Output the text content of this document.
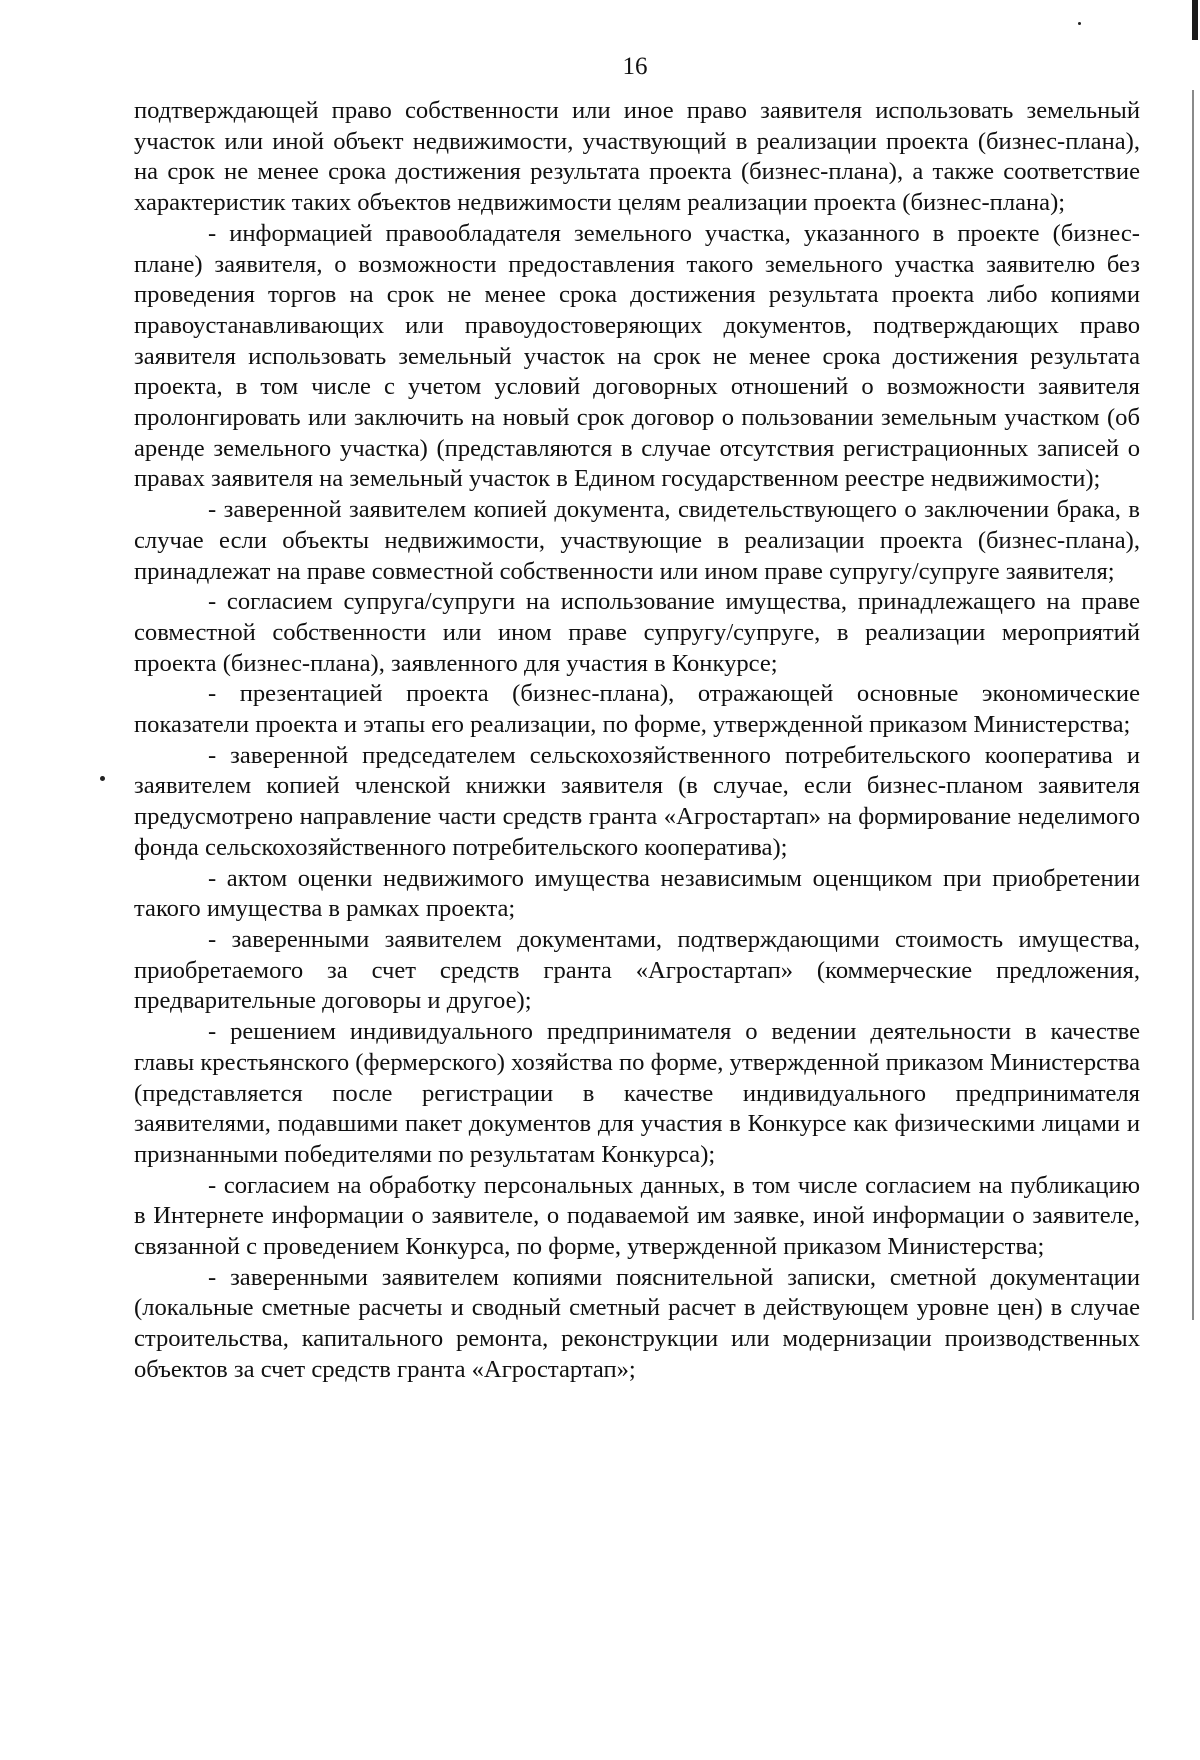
16

подтверждающей право собственности или иное право заявителя использовать земельный участок или иной объект недвижимости, участвующий в реализации проекта (бизнес-плана), на срок не менее срока достижения результата проекта (бизнес-плана), а также соответствие характеристик таких объектов недвижимости целям реализации проекта (бизнес-плана);

- информацией правообладателя земельного участка, указанного в проекте (бизнес-плане) заявителя, о возможности предоставления такого земельного участка заявителю без проведения торгов на срок не менее срока достижения результата проекта либо копиями правоустанавливающих или правоудостоверяющих документов, подтверждающих право заявителя использовать земельный участок на срок не менее срока достижения результата проекта, в том числе с учетом условий договорных отношений о возможности заявителя пролонгировать или заключить на новый срок договор о пользовании земельным участком (об аренде земельного участка) (представляются в случае отсутствия регистрационных записей о правах заявителя на земельный участок в Едином государственном реестре недвижимости);

- заверенной заявителем копией документа, свидетельствующего о заключении брака, в случае если объекты недвижимости, участвующие в реализации проекта (бизнес-плана), принадлежат на праве совместной собственности или ином праве супругу/супруге заявителя;

- согласием супруга/супруги на использование имущества, принадлежащего на праве совместной собственности или ином праве супругу/супруге, в реализации мероприятий проекта (бизнес-плана), заявленного для участия в Конкурсе;

- презентацией проекта (бизнес-плана), отражающей основные экономические показатели проекта и этапы его реализации, по форме, утвержденной приказом Министерства;

- заверенной председателем сельскохозяйственного потребительского кооператива и заявителем копией членской книжки заявителя (в случае, если бизнес-планом заявителя предусмотрено направление части средств гранта «Агростартап» на формирование неделимого фонда сельскохозяйственного потребительского кооператива);

- актом оценки недвижимого имущества независимым оценщиком при приобретении такого имущества в рамках проекта;

- заверенными заявителем документами, подтверждающими стоимость имущества, приобретаемого за счет средств гранта «Агростартап» (коммерческие предложения, предварительные договоры и другое);

- решением индивидуального предпринимателя о ведении деятельности в качестве главы крестьянского (фермерского) хозяйства по форме, утвержденной приказом Министерства (представляется после регистрации в качестве индивидуального предпринимателя заявителями, подавшими пакет документов для участия в Конкурсе как физическими лицами и признанными победителями по результатам Конкурса);

- согласием на обработку персональных данных, в том числе согласием на публикацию в Интернете информации о заявителе, о подаваемой им заявке, иной информации о заявителе, связанной с проведением Конкурса, по форме, утвержденной приказом Министерства;

- заверенными заявителем копиями пояснительной записки, сметной документации (локальные сметные расчеты и сводный сметный расчет в действующем уровне цен) в случае строительства, капитального ремонта, реконструкции или модернизации производственных объектов за счет средств гранта «Агростартап»;
